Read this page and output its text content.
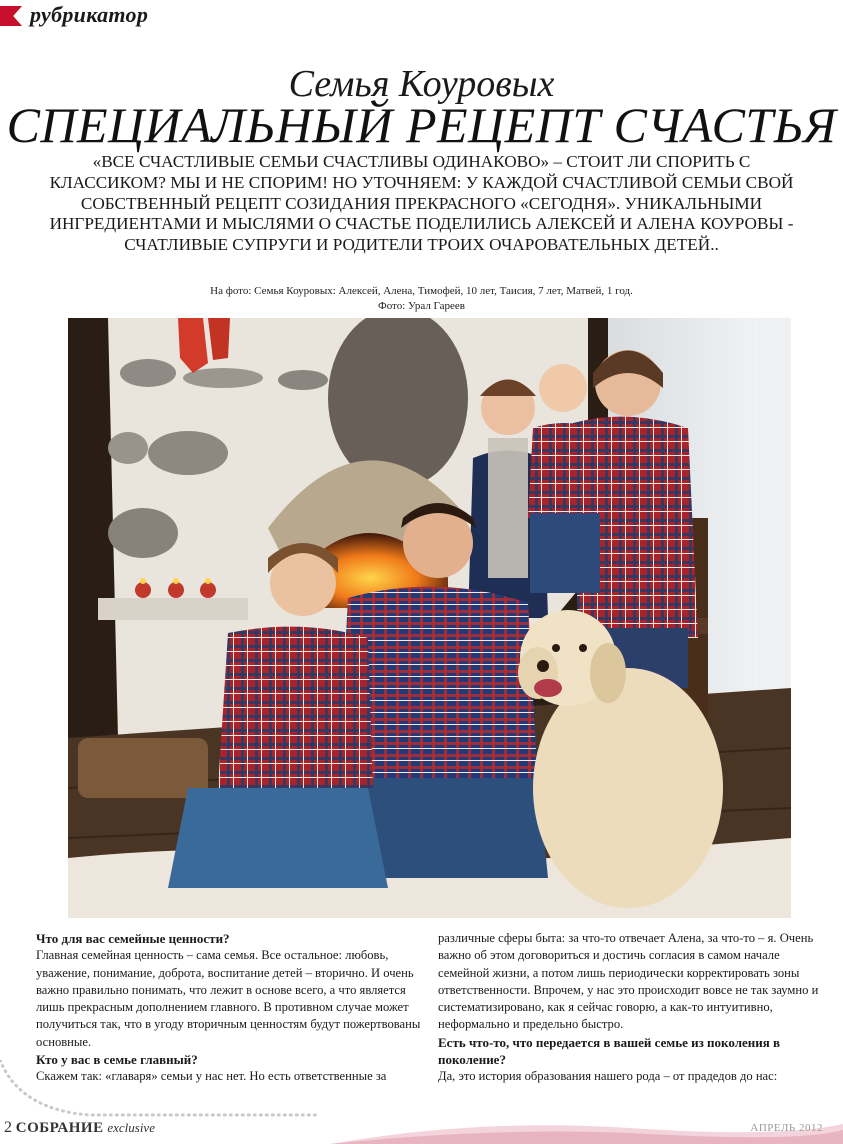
рубрикатор
Семья Коуровых
СПЕЦИАЛЬНЫЙ РЕЦЕПТ СЧАСТЬЯ
«ВСЕ СЧАСТЛИВЫЕ СЕМЬИ СЧАСТЛИВЫ ОДИНАКОВО» – СТОИТ ЛИ СПОРИТЬ С КЛАССИКОМ? МЫ И НЕ СПОРИМ! НО УТОЧНЯЕМ: У КАЖДОЙ СЧАСТЛИВОЙ СЕМЬИ СВОЙ СОБСТВЕННЫЙ РЕЦЕПТ СОЗИДАНИЯ ПРЕКРАСНОГО «СЕГОДНЯ». УНИКАЛЬНЫМИ ИНГРЕДИЕНТАМИ И МЫСЛЯМИ О СЧАСТЬЕ ПОДЕЛИЛИСЬ АЛЕКСЕЙ И АЛЕНА КОУРОВЫ - СЧАТЛИВЫЕ СУПРУГИ И РОДИТЕЛИ ТРОИХ ОЧАРОВАТЕЛЬНЫХ ДЕТЕЙ..
На фото: Семья Коуровых: Алексей, Алена, Тимофей, 10 лет, Таисия, 7 лет, Матвей, 1 год.
Фото: Урал Гареев

Что для вас семейные ценности?

Главная семейная ценность – сама семья. Все остальное: любовь, уважение, понимание, доброта, воспитание детей – вторично. И очень важно правильно понимать, что лежит в основе всего, а что является лишь прекрасным дополнением главного. В противном случае может получиться так, что в угоду вторичным ценностям будут пожертвованы основные.

Кто у вас в семье главный?

Скажем так: «главаря» семьи у нас нет. Но есть ответственные за

различные сферы быта: за что-то отвечает Алена, за что-то – я. Очень важно об этом договориться и достичь согласия в самом начале семейной жизни, а потом лишь периодически корректировать зоны ответственности. Впрочем, у нас это происходит вовсе не так заумно и систематизировано, как я сейчас говорю, а как-то интуитивно, неформально и предельно быстро.

Есть что-то, что передается в вашей семье из поколения в поколение?

Да, это история образования нашего рода – от прадедов до нас:

2 СОБРАНИЕ exclusive	АПРЕЛЬ 2012
